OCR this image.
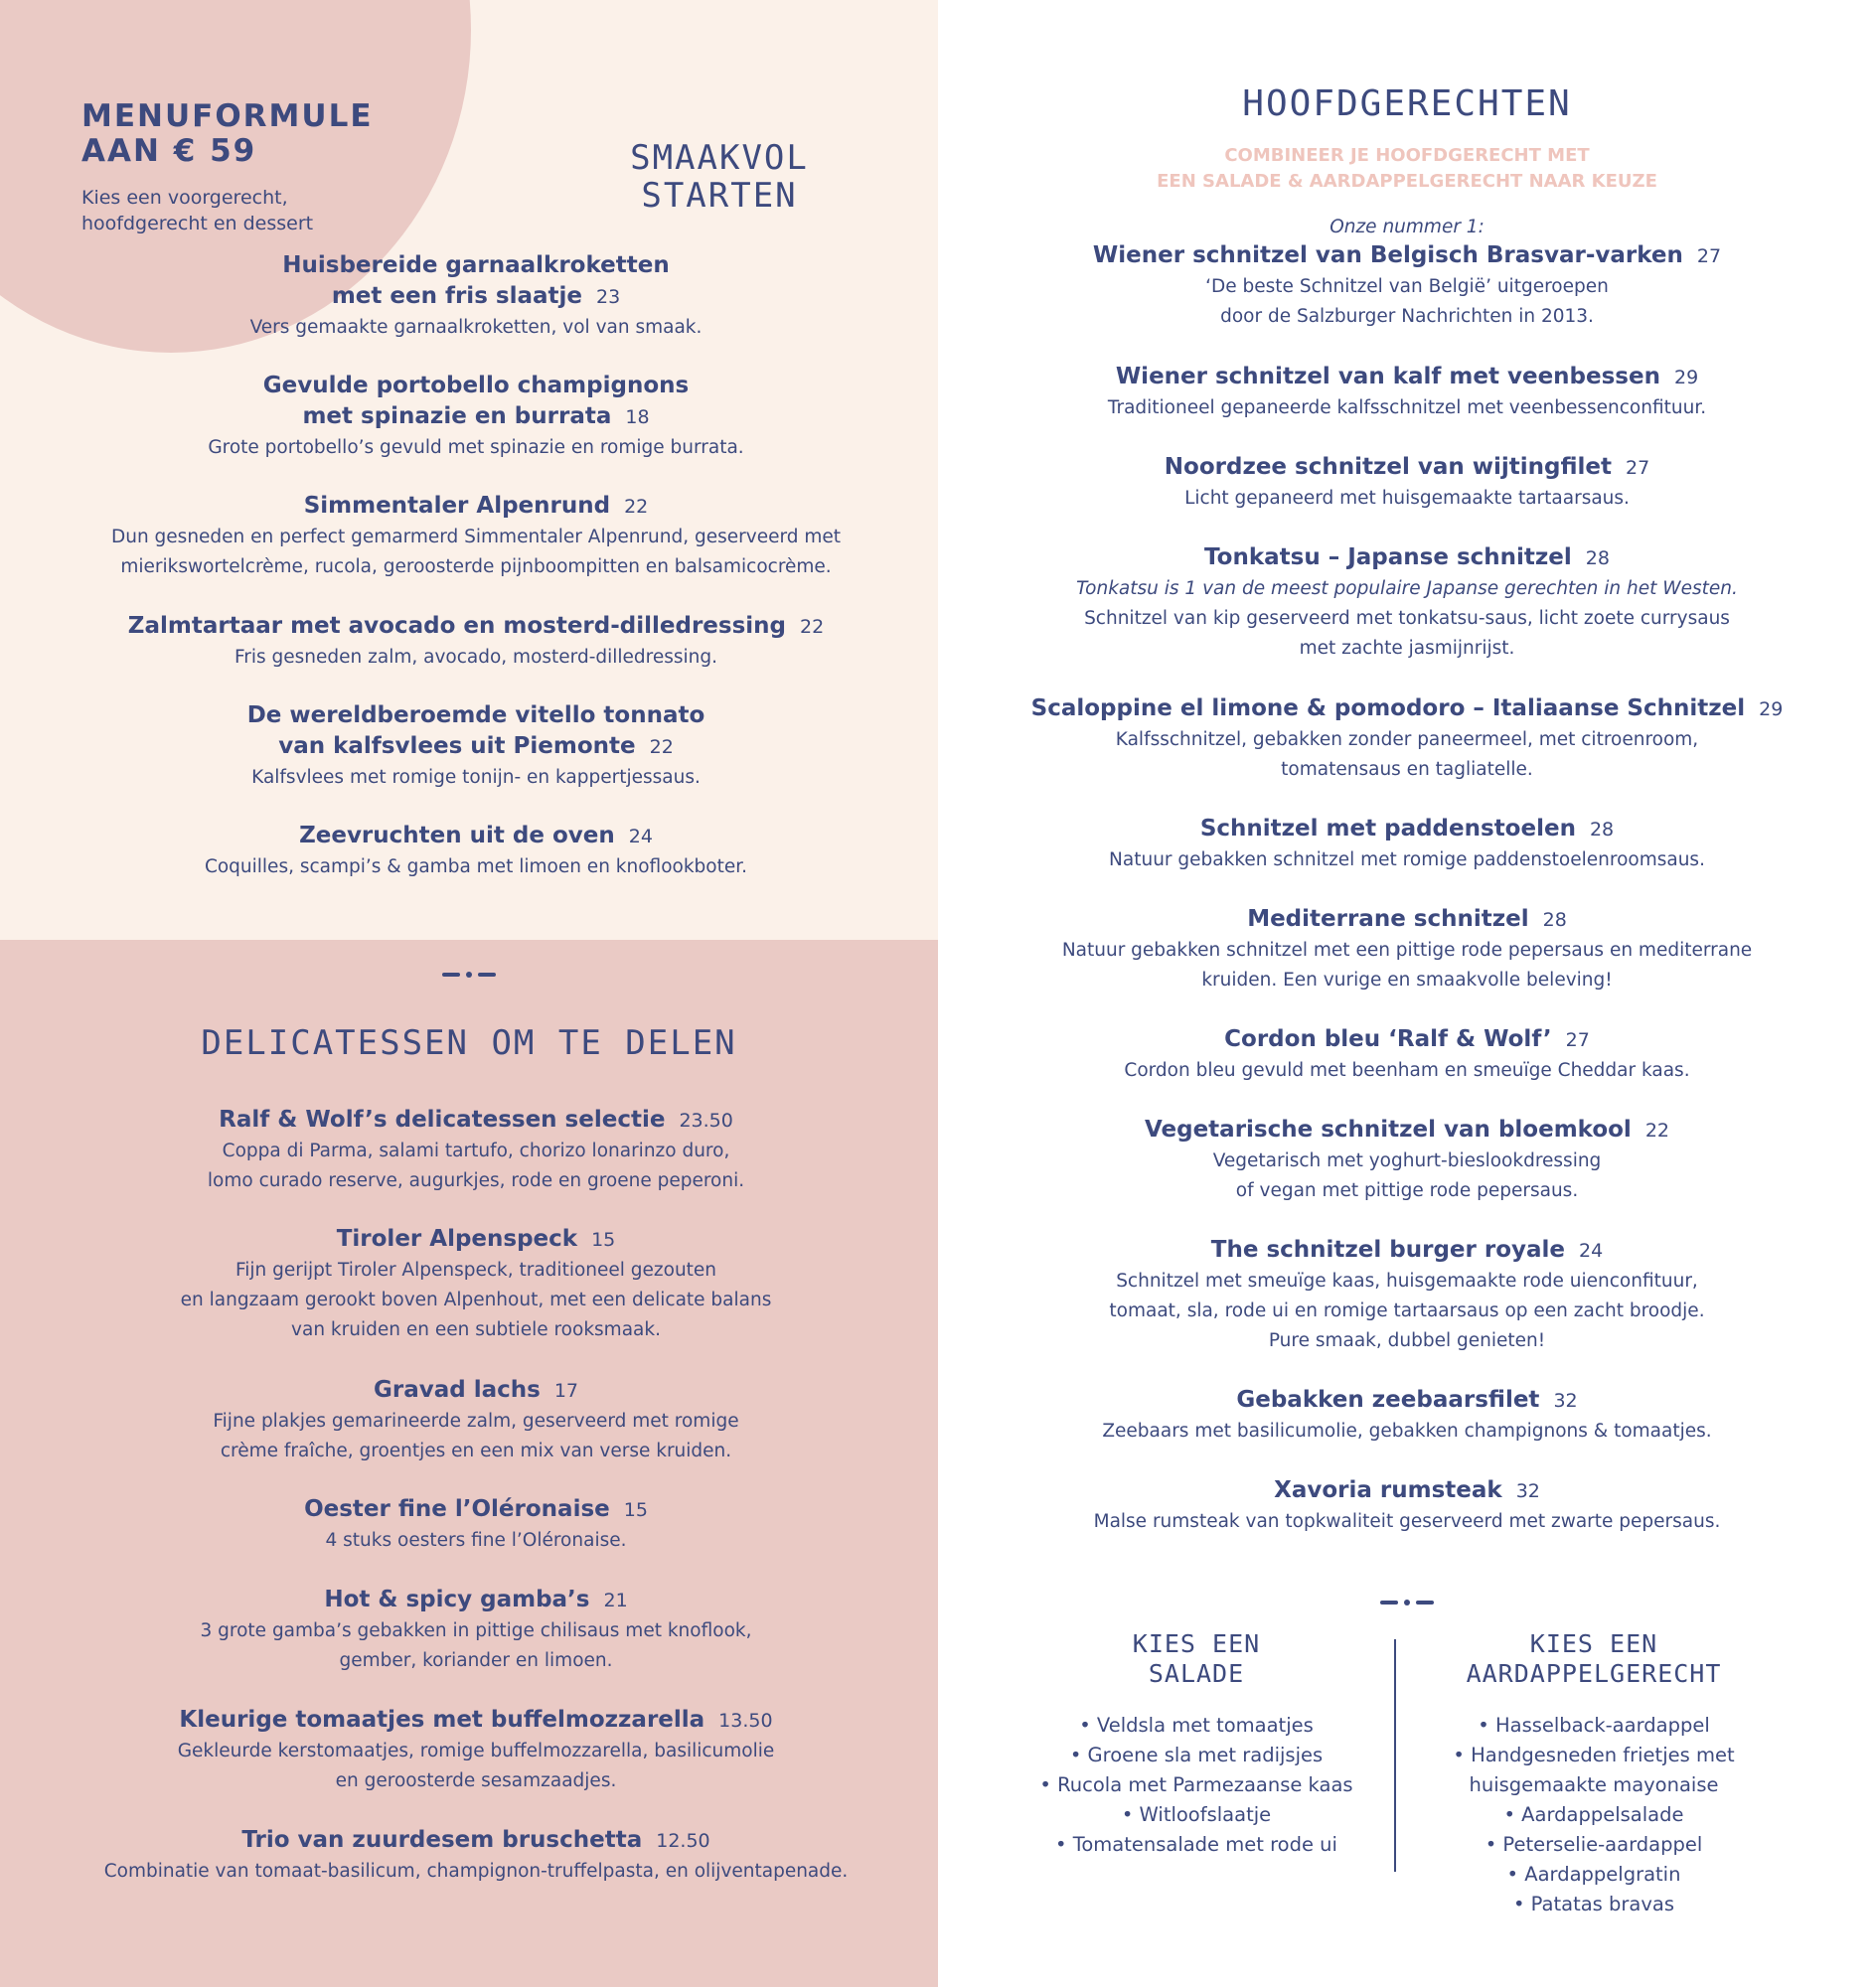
MENUFORMULE
AAN € 59
Kies een voorgerecht,
hoofdgerecht en dessert
SMAAKVOL
STARTEN
Huisbereide garnaalkroketten
met een fris slaatje 23
Vers gemaakte garnaalkroketten, vol van smaak.
Gevulde portobello champignons
met spinazie en burrata 18
Grote portobello’s gevuld met spinazie en romige burrata.
Simmentaler Alpenrund 22
Dun gesneden en perfect gemarmerd Simmentaler Alpenrund, geserveerd met
mierikswortelcrème, rucola, geroosterde pijnboompitten en balsamicocrème.
Zalmtartaar met avocado en mosterd-dilledressing 22
Fris gesneden zalm, avocado, mosterd-dilledressing.
De wereldberoemde vitello tonnato
van kalfsvlees uit Piemonte 22
Kalfsvlees met romige tonijn- en kappertjessaus.
Zeevruchten uit de oven 24
Coquilles, scampi’s & gamba met limoen en knoflookboter.
DELICATESSEN OM TE DELEN
Ralf & Wolf’s delicatessen selectie 23.50
Coppa di Parma, salami tartufo, chorizo lonarinzo duro,
lomo curado reserve, augurkjes, rode en groene peperoni.
Tiroler Alpenspeck 15
Fijn gerijpt Tiroler Alpenspeck, traditioneel gezouten
en langzaam gerookt boven Alpenhout, met een delicate balans
van kruiden en een subtiele rooksmaak.
Gravad lachs 17
Fijne plakjes gemarineerde zalm, geserveerd met romige
crème fraîche, groentjes en een mix van verse kruiden.
Oester fine l’Oléronaise 15
4 stuks oesters fine l’Oléronaise.
Hot & spicy gamba’s 21
3 grote gamba’s gebakken in pittige chilisaus met knoflook,
gember, koriander en limoen.
Kleurige tomaatjes met buffelmozzarella 13.50
Gekleurde kerstomaatjes, romige buffelmozzarella, basilicumolie
en geroosterde sesamzaadjes.
Trio van zuurdesem bruschetta 12.50
Combinatie van tomaat-basilicum, champignon-truffelpasta, en olijventapenade.
HOOFDGERECHTEN
COMBINEER JE HOOFDGERECHT MET
EEN SALADE & AARDAPPELGERECHT NAAR KEUZE
Onze nummer 1:
Wiener schnitzel van Belgisch Brasvar-varken 27
‘De beste Schnitzel van België’ uitgeroepen
door de Salzburger Nachrichten in 2013.
Wiener schnitzel van kalf met veenbessen 29
Traditioneel gepaneerde kalfsschnitzel met veenbessenconfituur.
Noordzee schnitzel van wijtingfilet 27
Licht gepaneerd met huisgemaakte tartaarsaus.
Tonkatsu – Japanse schnitzel 28
Tonkatsu is 1 van de meest populaire Japanse gerechten in het Westen.
Schnitzel van kip geserveerd met tonkatsu-saus, licht zoete currysaus
met zachte jasmijnrijst.
Scaloppine el limone & pomodoro – Italiaanse Schnitzel 29
Kalfsschnitzel, gebakken zonder paneermeel, met citroenroom,
tomatensaus en tagliatelle.
Schnitzel met paddenstoelen 28
Natuur gebakken schnitzel met romige paddenstoelenroomsaus.
Mediterrane schnitzel 28
Natuur gebakken schnitzel met een pittige rode pepersaus en mediterrane
kruiden. Een vurige en smaakvolle beleving!
Cordon bleu ‘Ralf & Wolf’ 27
Cordon bleu gevuld met beenham en smeuïge Cheddar kaas.
Vegetarische schnitzel van bloemkool 22
Vegetarisch met yoghurt-bieslookdressing
of vegan met pittige rode pepersaus.
The schnitzel burger royale 24
Schnitzel met smeuïge kaas, huisgemaakte rode uienconfituur,
tomaat, sla, rode ui en romige tartaarsaus op een zacht broodje.
Pure smaak, dubbel genieten!
Gebakken zeebaarsfilet 32
Zeebaars met basilicumolie, gebakken champignons & tomaatjes.
Xavoria rumsteak 32
Malse rumsteak van topkwaliteit geserveerd met zwarte pepersaus.
KIES EEN
SALADE
• Veldsla met tomaatjes
• Groene sla met radijsjes
• Rucola met Parmezaanse kaas
• Witloofslaatje
• Tomatensalade met rode ui
KIES EEN
AARDAPPELGERECHT
• Hasselback-aardappel
• Handgesneden frietjes met
huisgemaakte mayonaise
• Aardappelsalade
• Peterselie-aardappel
• Aardappelgratin
• Patatas bravas
